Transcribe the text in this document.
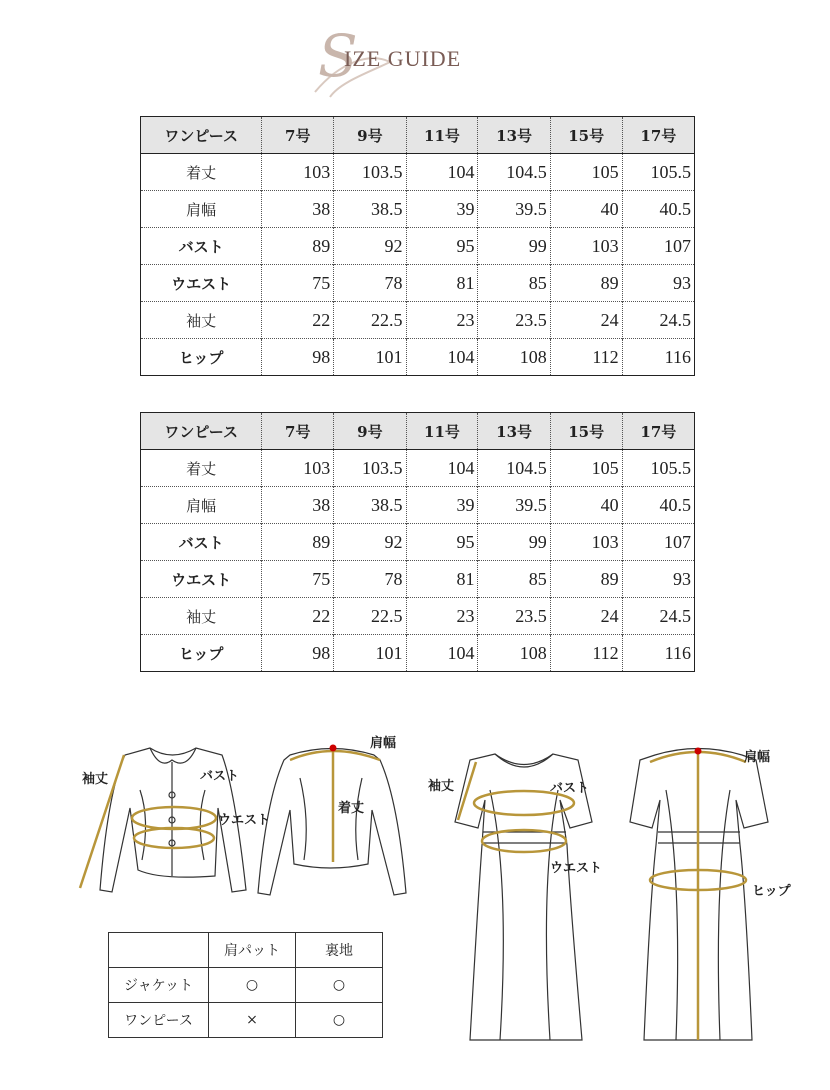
S
IZE GUIDE
ワンピース	7号	9号	11号	13号	15号	17号
着丈	103	103.5	104	104.5	105	105.5
肩幅	38	38.5	39	39.5	40	40.5
バスト	89	92	95	99	103	107
ウエスト	75	78	81	85	89	93
袖丈	22	22.5	23	23.5	24	24.5
ヒップ	98	101	104	108	112	116
ワンピース	7号	9号	11号	13号	15号	17号
着丈	103	103.5	104	104.5	105	105.5
肩幅	38	38.5	39	39.5	40	40.5
バスト	89	92	95	99	103	107
ウエスト	75	78	81	85	89	93
袖丈	22	22.5	23	23.5	24	24.5
ヒップ	98	101	104	108	112	116
袖丈	バスト
ウエスト
肩幅
着丈
袖丈	バスト
ウエスト
肩幅
ヒップ
	肩パット	裏地
ジャケット	○	○
ワンピース	×	○
